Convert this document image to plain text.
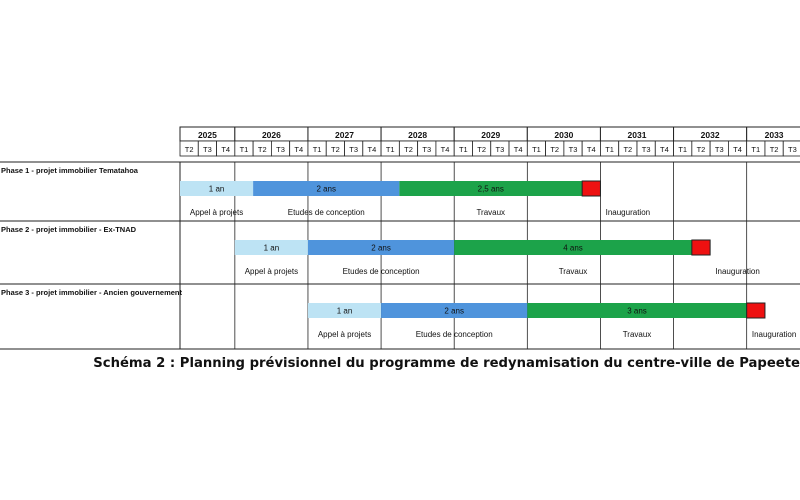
2025	2026	2027	2028	2029	2030	2031	2032	2033
T2 T3 T4 T1 T2 T3 T4 T1 T2 T3 T4 T1 T2 T3 T4 T1 T2 T3 T4 T1 T2 T3 T4 T1 T2 T3 T4 T1 T2 T3 T4 T1 T2 T3
Phase 1 - projet immobilier Tematahoa
1 an	2 ans	2,5 ans
Appel à projets	Etudes de conception	Travaux	Inauguration
Phase 2 - projet immobilier - Ex-TNAD
1 an	2 ans	4 ans
Appel à projets	Etudes de conception	Travaux	Inauguration
Phase 3 - projet immobilier - Ancien gouvernement
1 an	2 ans	3 ans
Appel à projets	Etudes de conception	Travaux	Inauguration
Schéma 2 : Planning prévisionnel du programme de redynamisation du centre-ville de Papeete
